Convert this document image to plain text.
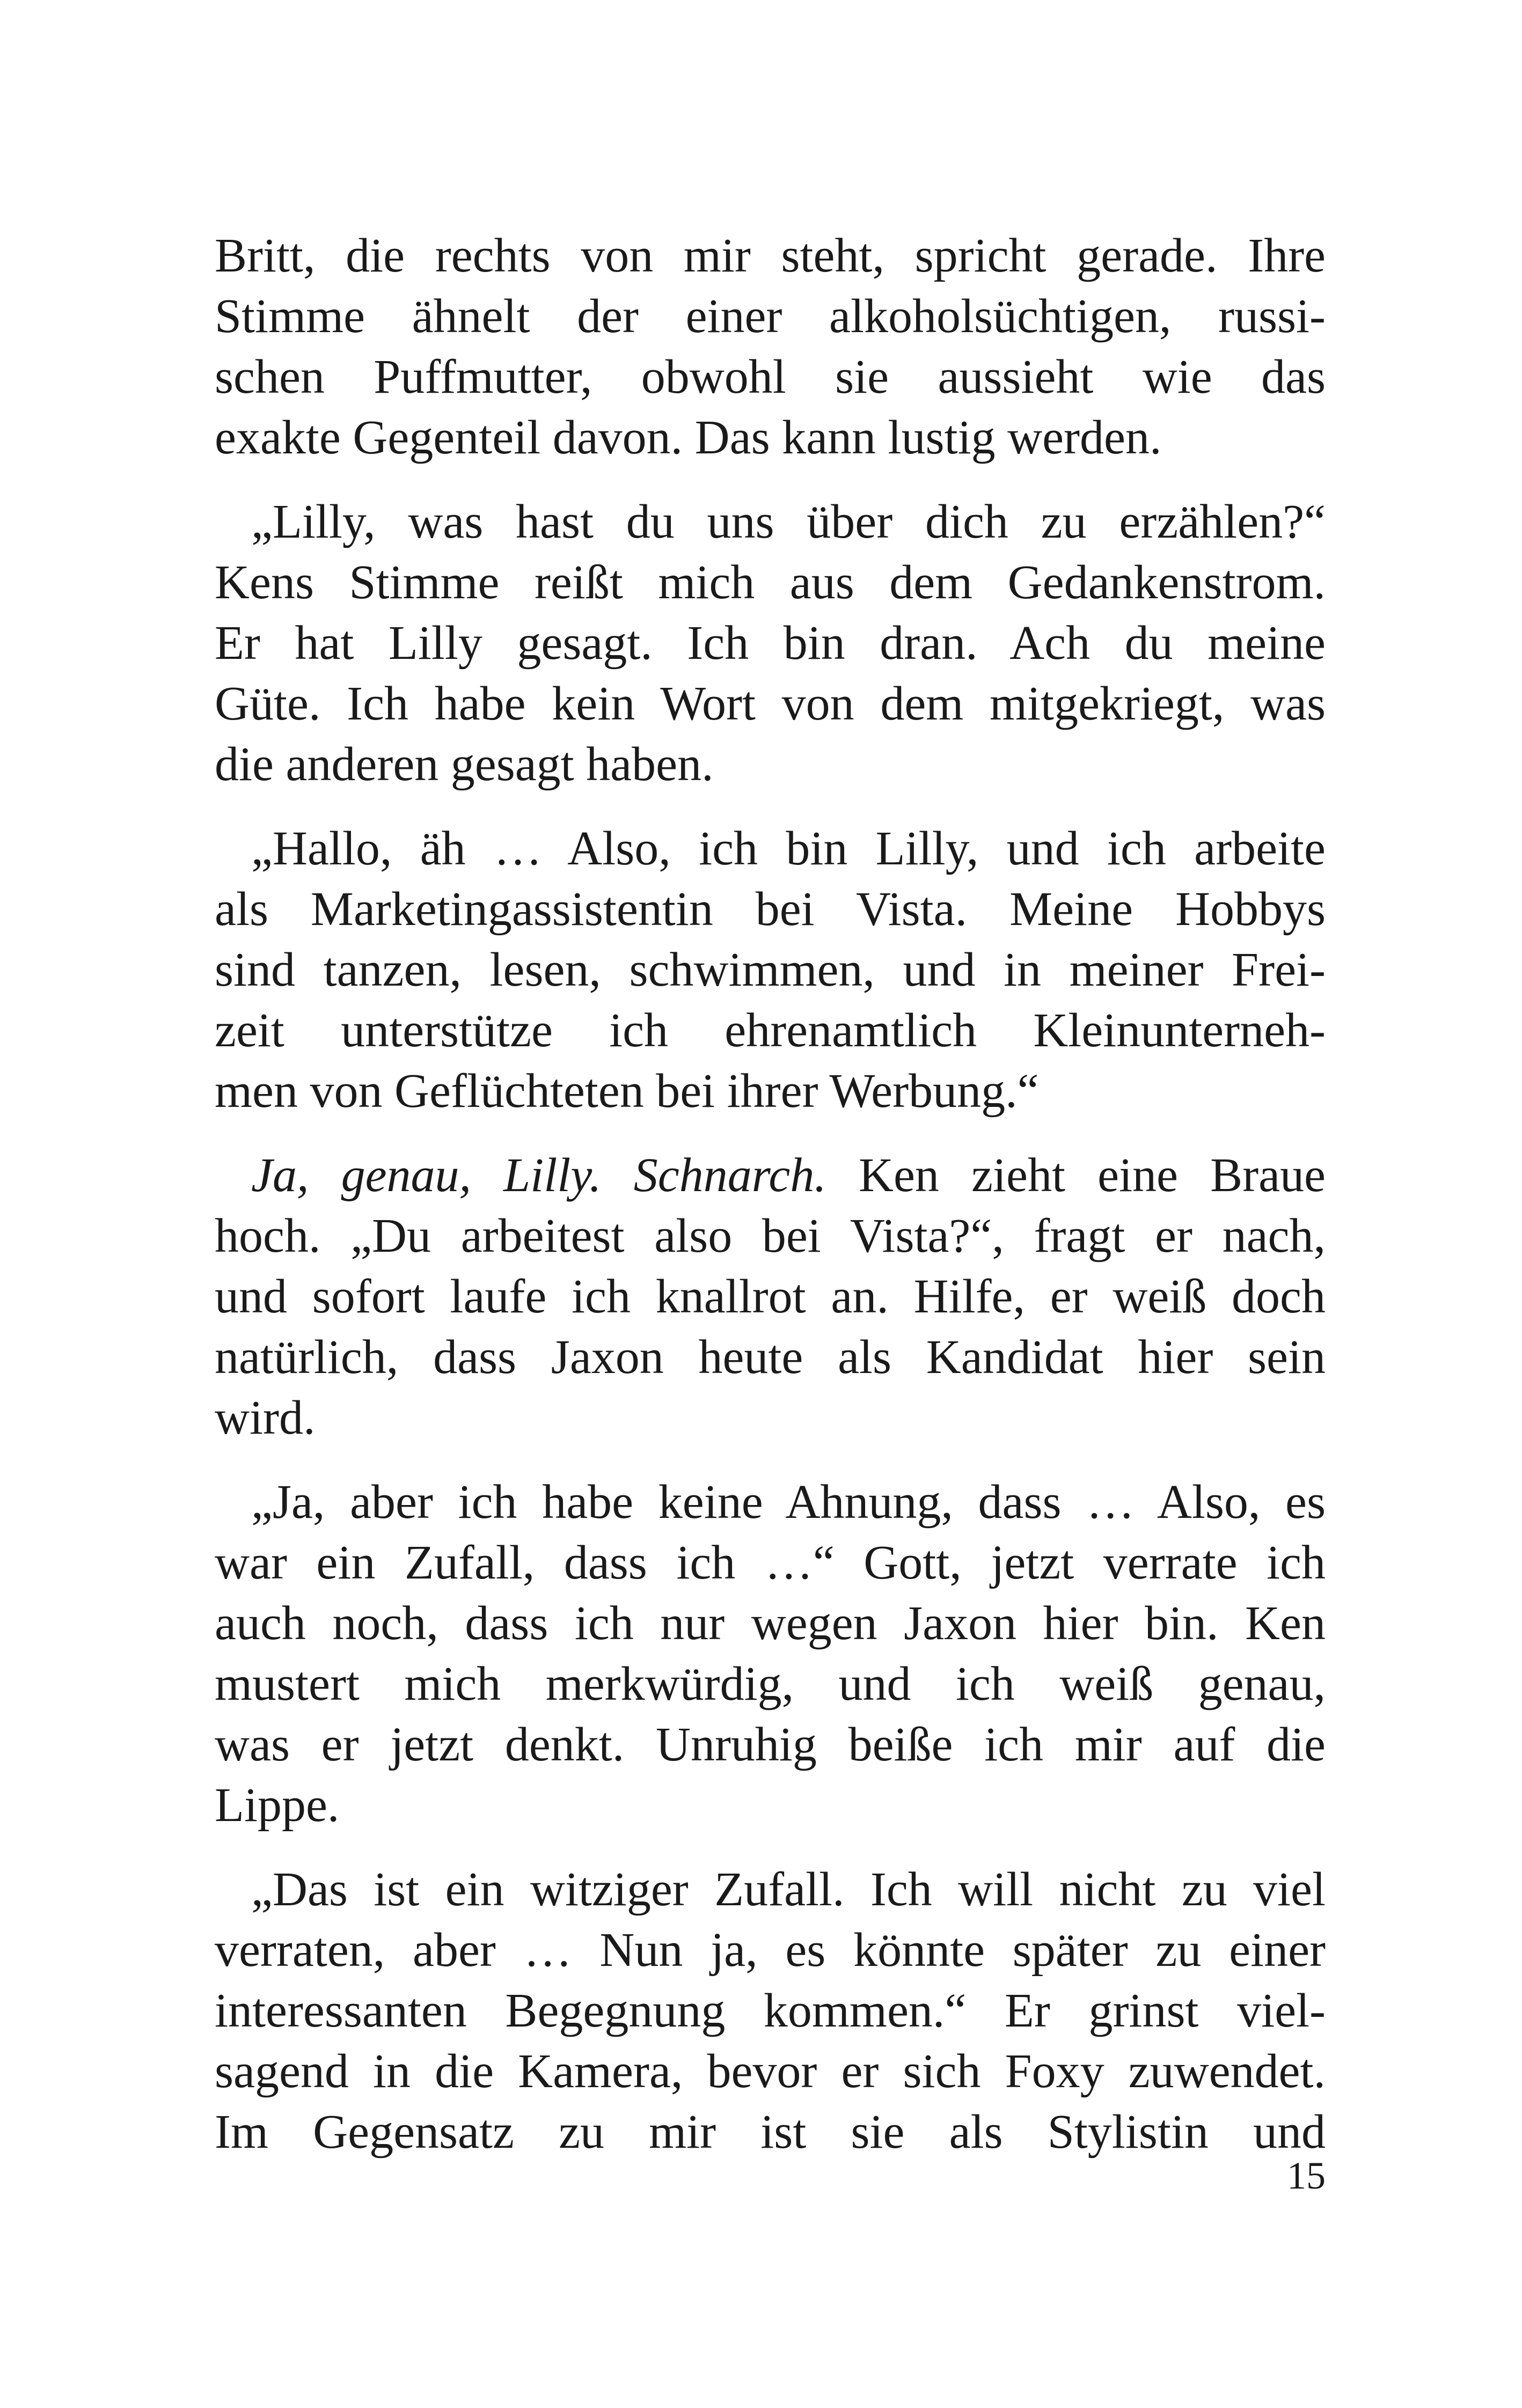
Britt, die rechts von mir steht, spricht gerade. Ihre
Stimme ähnelt der einer alkoholsüchtigen, russi-
schen Puffmutter, obwohl sie aussieht wie das
exakte Gegenteil davon. Das kann lustig werden.

„Lilly, was hast du uns über dich zu erzählen?“
Kens Stimme reißt mich aus dem Gedankenstrom.
Er hat Lilly gesagt. Ich bin dran. Ach du meine
Güte. Ich habe kein Wort von dem mitgekriegt, was
die anderen gesagt haben.

„Hallo, äh … Also, ich bin Lilly, und ich arbeite
als Marketingassistentin bei Vista. Meine Hobbys
sind tanzen, lesen, schwimmen, und in meiner Frei-
zeit unterstütze ich ehrenamtlich Kleinunterneh-
men von Geflüchteten bei ihrer Werbung.“

Ja, genau, Lilly. Schnarch. Ken zieht eine Braue
hoch. „Du arbeitest also bei Vista?“, fragt er nach,
und sofort laufe ich knallrot an. Hilfe, er weiß doch
natürlich, dass Jaxon heute als Kandidat hier sein
wird.

„Ja, aber ich habe keine Ahnung, dass … Also, es
war ein Zufall, dass ich …“ Gott, jetzt verrate ich
auch noch, dass ich nur wegen Jaxon hier bin. Ken
mustert mich merkwürdig, und ich weiß genau,
was er jetzt denkt. Unruhig beiße ich mir auf die
Lippe.

„Das ist ein witziger Zufall. Ich will nicht zu viel
verraten, aber … Nun ja, es könnte später zu einer
interessanten Begegnung kommen.“ Er grinst viel-
sagend in die Kamera, bevor er sich Foxy zuwendet.
Im Gegensatz zu mir ist sie als Stylistin und

15
